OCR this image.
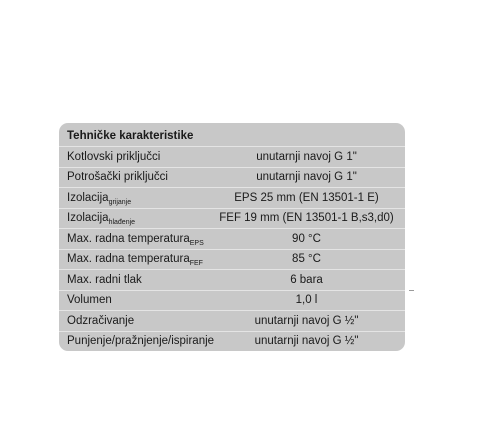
Tehničke karakteristike
Kotlovski priključci	unutarnji navoj G 1"
Potrošački priključci	unutarnji navoj G 1"
Izolacija$_{grijanje}$	EPS 25 mm (EN 13501-1 E)
Izolacija$_{hlađenje}$	FEF 19 mm (EN 13501-1 B,s3,d0)
Max. radna temperatura$_{EPS}$	90 °C
Max. radna temperatura$_{FEF}$	85 °C
Max. radni tlak	6 bara
Volumen	1,0 l
Odzračivanje	unutarnji navoj G ½"
Punjenje/pražnjenje/ispiranje	unutarnji navoj G ½"
